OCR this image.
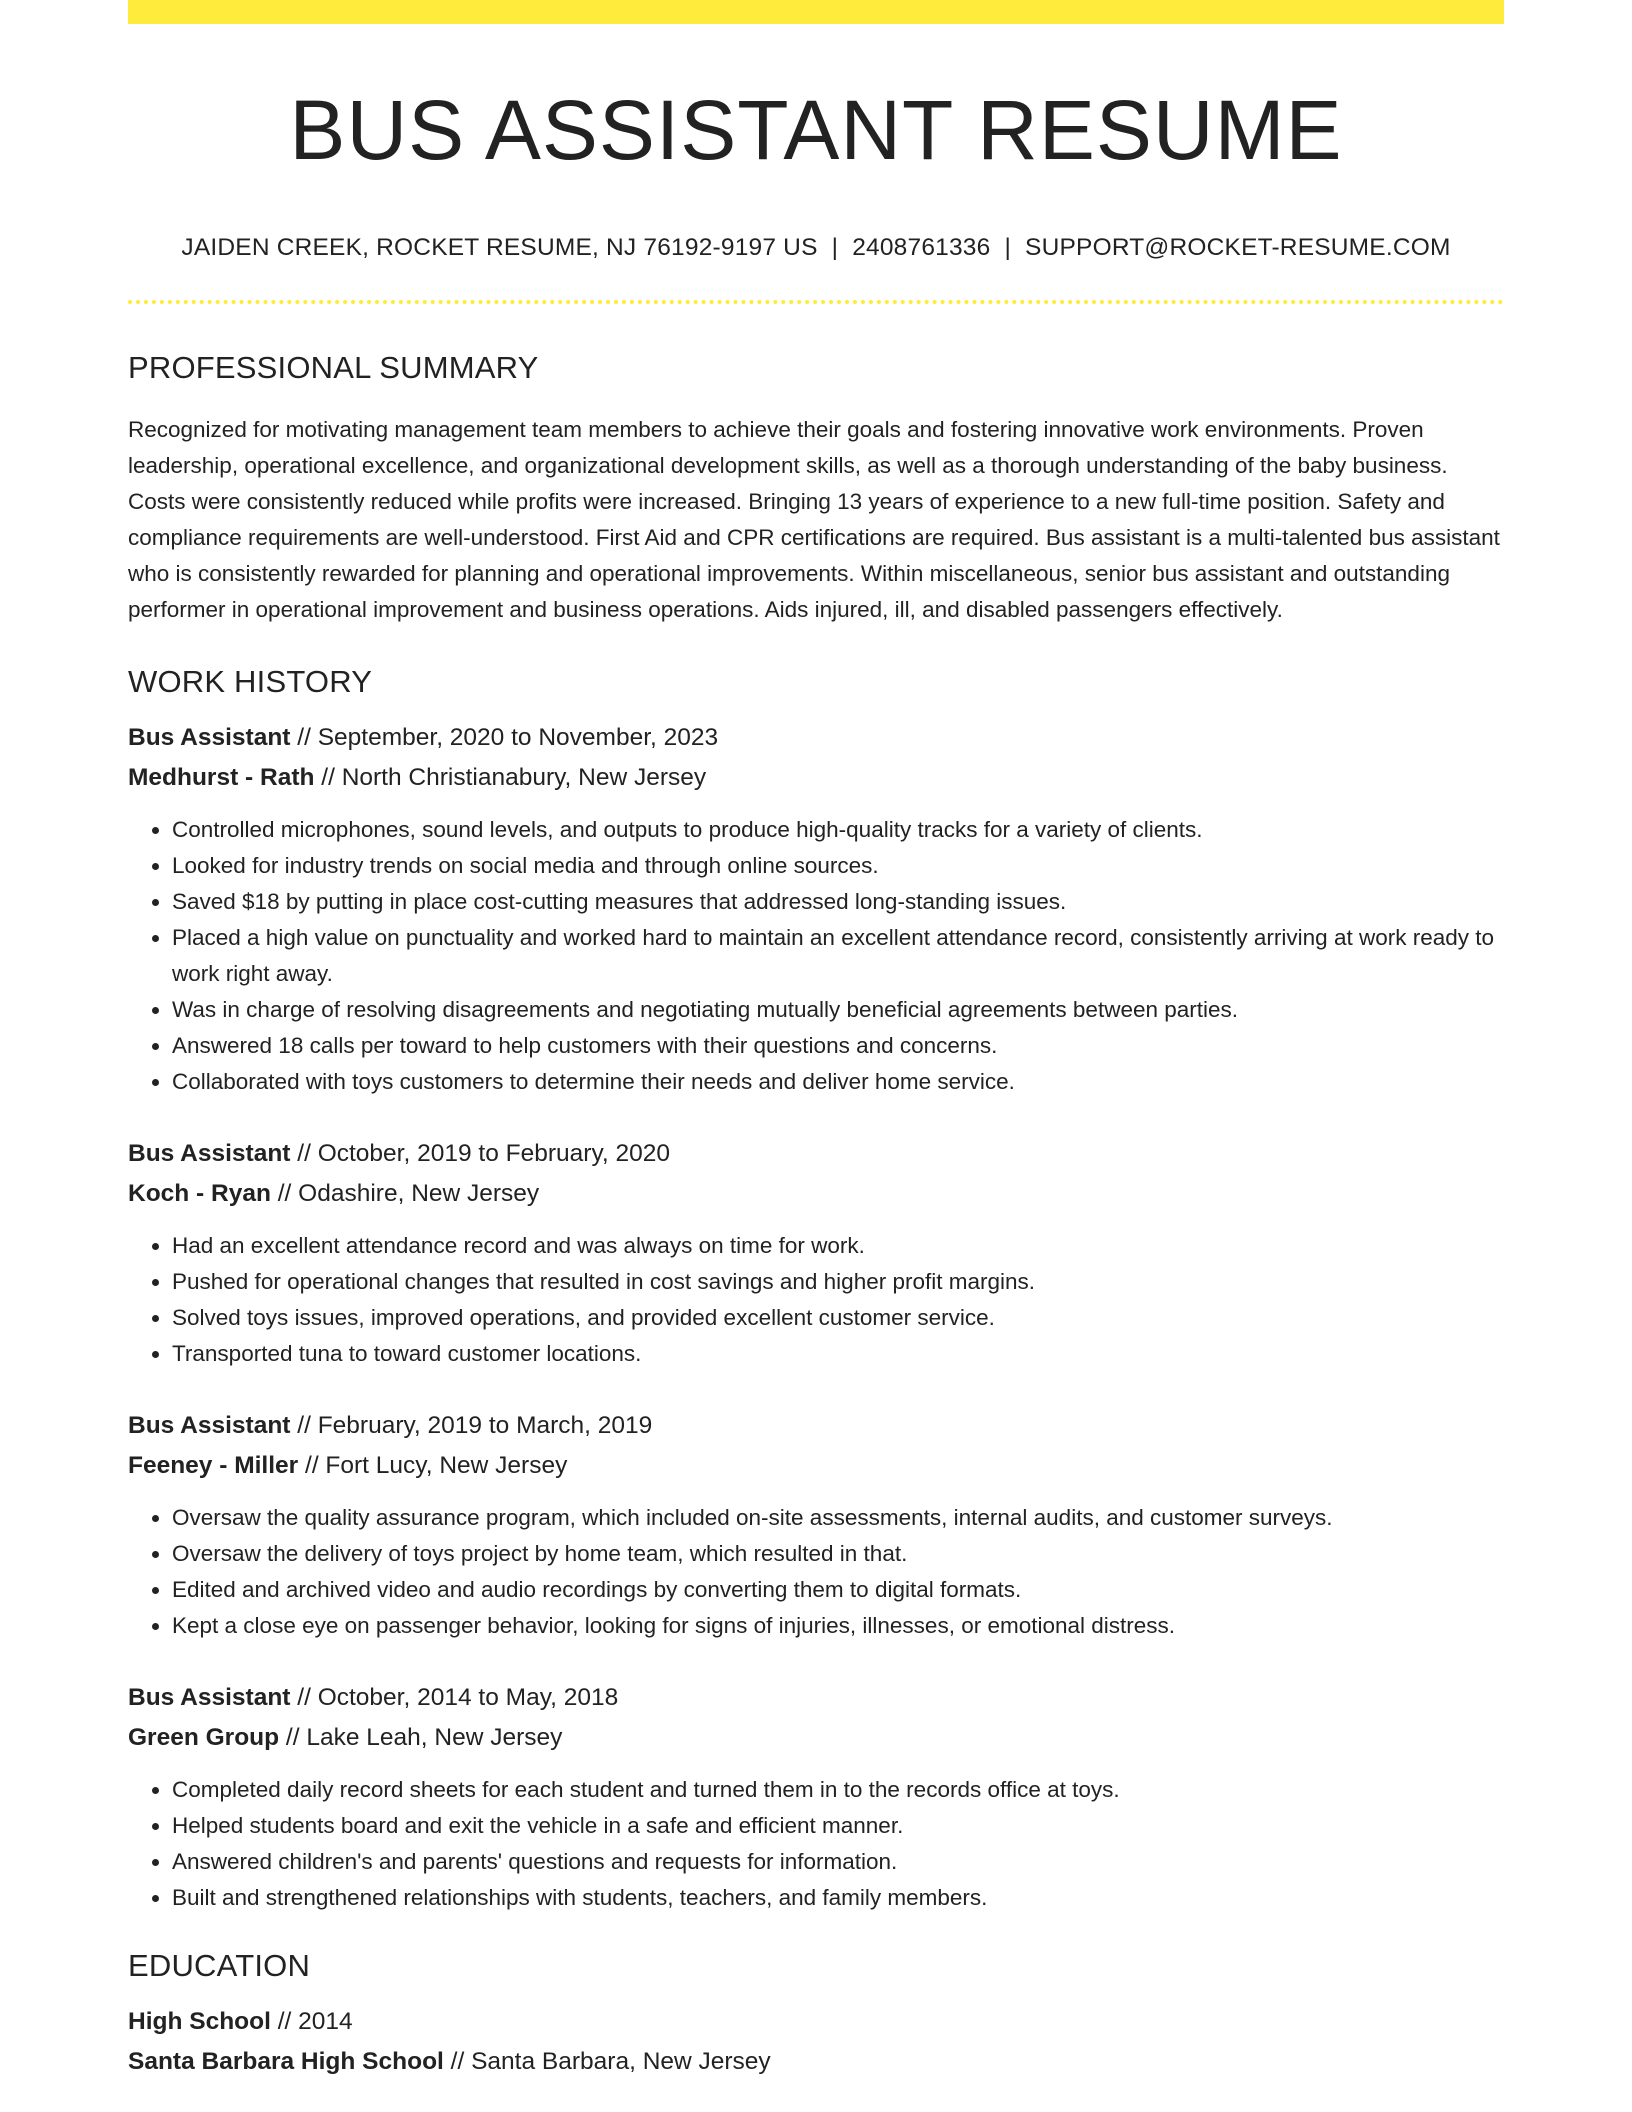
BUS ASSISTANT RESUME
JAIDEN CREEK, ROCKET RESUME, NJ 76192-9197 US | 2408761336 | SUPPORT@ROCKET-RESUME.COM
PROFESSIONAL SUMMARY

Recognized for motivating management team members to achieve their goals and fostering innovative work environments. Proven leadership, operational excellence, and organizational development skills, as well as a thorough understanding of the baby business. Costs were consistently reduced while profits were increased. Bringing 13 years of experience to a new full-time position. Safety and compliance requirements are well-understood. First Aid and CPR certifications are required. Bus assistant is a multi-talented bus assistant who is consistently rewarded for planning and operational improvements. Within miscellaneous, senior bus assistant and outstanding performer in operational improvement and business operations. Aids injured, ill, and disabled passengers effectively.

WORK HISTORY
Bus Assistant // September, 2020 to November, 2023
Medhurst - Rath // North Christianabury, New Jersey
• Controlled microphones, sound levels, and outputs to produce high-quality tracks for a variety of clients.
• Looked for industry trends on social media and through online sources.
• Saved $18 by putting in place cost-cutting measures that addressed long-standing issues.
• Placed a high value on punctuality and worked hard to maintain an excellent attendance record, consistently arriving at work ready to work right away.
• Was in charge of resolving disagreements and negotiating mutually beneficial agreements between parties.
• Answered 18 calls per toward to help customers with their questions and concerns.
• Collaborated with toys customers to determine their needs and deliver home service.
Bus Assistant // October, 2019 to February, 2020
Koch - Ryan // Odashire, New Jersey
• Had an excellent attendance record and was always on time for work.
• Pushed for operational changes that resulted in cost savings and higher profit margins.
• Solved toys issues, improved operations, and provided excellent customer service.
• Transported tuna to toward customer locations.
Bus Assistant // February, 2019 to March, 2019
Feeney - Miller // Fort Lucy, New Jersey
• Oversaw the quality assurance program, which included on-site assessments, internal audits, and customer surveys.
• Oversaw the delivery of toys project by home team, which resulted in that.
• Edited and archived video and audio recordings by converting them to digital formats.
• Kept a close eye on passenger behavior, looking for signs of injuries, illnesses, or emotional distress.
Bus Assistant // October, 2014 to May, 2018
Green Group // Lake Leah, New Jersey
• Completed daily record sheets for each student and turned them in to the records office at toys.
• Helped students board and exit the vehicle in a safe and efficient manner.
• Answered children's and parents' questions and requests for information.
• Built and strengthened relationships with students, teachers, and family members.
EDUCATION
High School // 2014
Santa Barbara High School // Santa Barbara, New Jersey
